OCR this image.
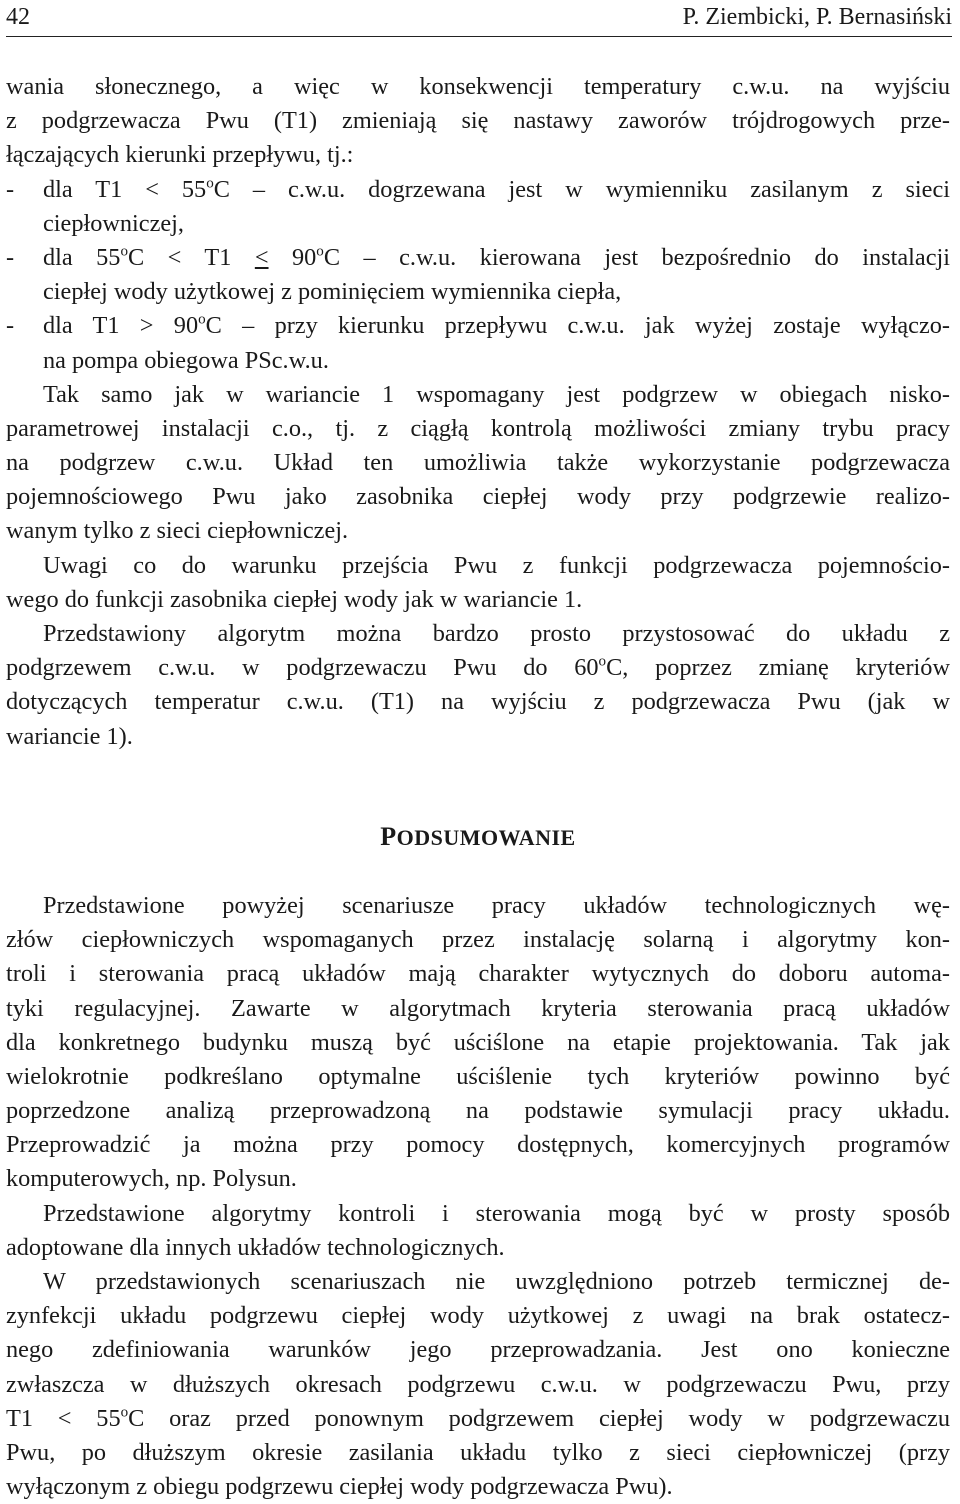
42	P. Ziembicki, P. Bernasiński
wania słonecznego, a więc w konsekwencji temperatury c.w.u. na wyjściu
z podgrzewacza Pwu (T1) zmieniają się nastawy zaworów trójdrogowych prze-
łączających kierunki przepływu, tj.:
-	dla $T1 < 55^oC - c.w.u$. dogrzewana jest w wymienniku zasilanym z sieci
ciepłowniczej,
-	dla $55^oC < T1 \le 90^oC - c.w.u$. kierowana jest bezpośrednio do instalacji
ciepłej wody użytkowej z pominięciem wymiennika ciepła,
-	dla $T1 > 90^oC$ – przy kierunku przepływu c.w.u. jak wyżej zostaje wyłączo-
na pompa obiegowa PSc.w.u.
Tak samo jak w wariancie 1 wspomagany jest podgrzew w obiegach nisko-
parametrowej instalacji c.o., tj. z ciągłą kontrolą możliwości zmiany trybu pracy
na podgrzew c.w.u. Układ ten umożliwia także wykorzystanie podgrzewacza
pojemnościowego Pwu jako zasobnika ciepłej wody przy podgrzewie realizo-
wanym tylko z sieci ciepłowniczej.
Uwagi co do warunku przejścia Pwu z funkcji podgrzewacza pojemnościo-
wego do funkcji zasobnika ciepłej wody jak w wariancie 1.
Przedstawiony algorytm można bardzo prosto przystosować do układu z
podgrzewem c.w.u. w podgrzewaczu Pwu do 60$^o$C, poprzez zmianę kryteriów
dotyczących temperatur c.w.u. (T1) na wyjściu z podgrzewacza Pwu (jak w
wariancie 1).
PODSUMOWANIE
Przedstawione powyżej scenariusze pracy układów technologicznych wę-
złów ciepłowniczych wspomaganych przez instalację solarną i algorytmy kon-
troli i sterowania pracą układów mają charakter wytycznych do doboru automa-
tyki regulacyjnej. Zawarte w algorytmach kryteria sterowania pracą układów
dla konkretnego budynku muszą być uściślone na etapie projektowania. Tak jak
wielokrotnie podkreślano optymalne uściślenie tych kryteriów powinno być
poprzedzone analizą przeprowadzoną na podstawie symulacji pracy układu.
Przeprowadzić ja można przy pomocy dostępnych, komercyjnych programów
komputerowych, np. Polysun.
Przedstawione algorytmy kontroli i sterowania mogą być w prosty sposób
adoptowane dla innych układów technologicznych.
W przedstawionych scenariuszach nie uwzględniono potrzeb termicznej de-
zynfekcji układu podgrzewu ciepłej wody użytkowej z uwagi na brak ostatecz-
nego zdefiniowania warunków jego przeprowadzania. Jest ono konieczne
zwłaszcza w dłuższych okresach podgrzewu c.w.u. w podgrzewaczu Pwu, przy
$T1 < 55^oC$ oraz przed ponownym podgrzewem ciepłej wody w podgrzewaczu
Pwu, po dłuższym okresie zasilania układu tylko z sieci ciepłowniczej (przy
wyłączonym z obiegu podgrzewu ciepłej wody podgrzewacza Pwu).
